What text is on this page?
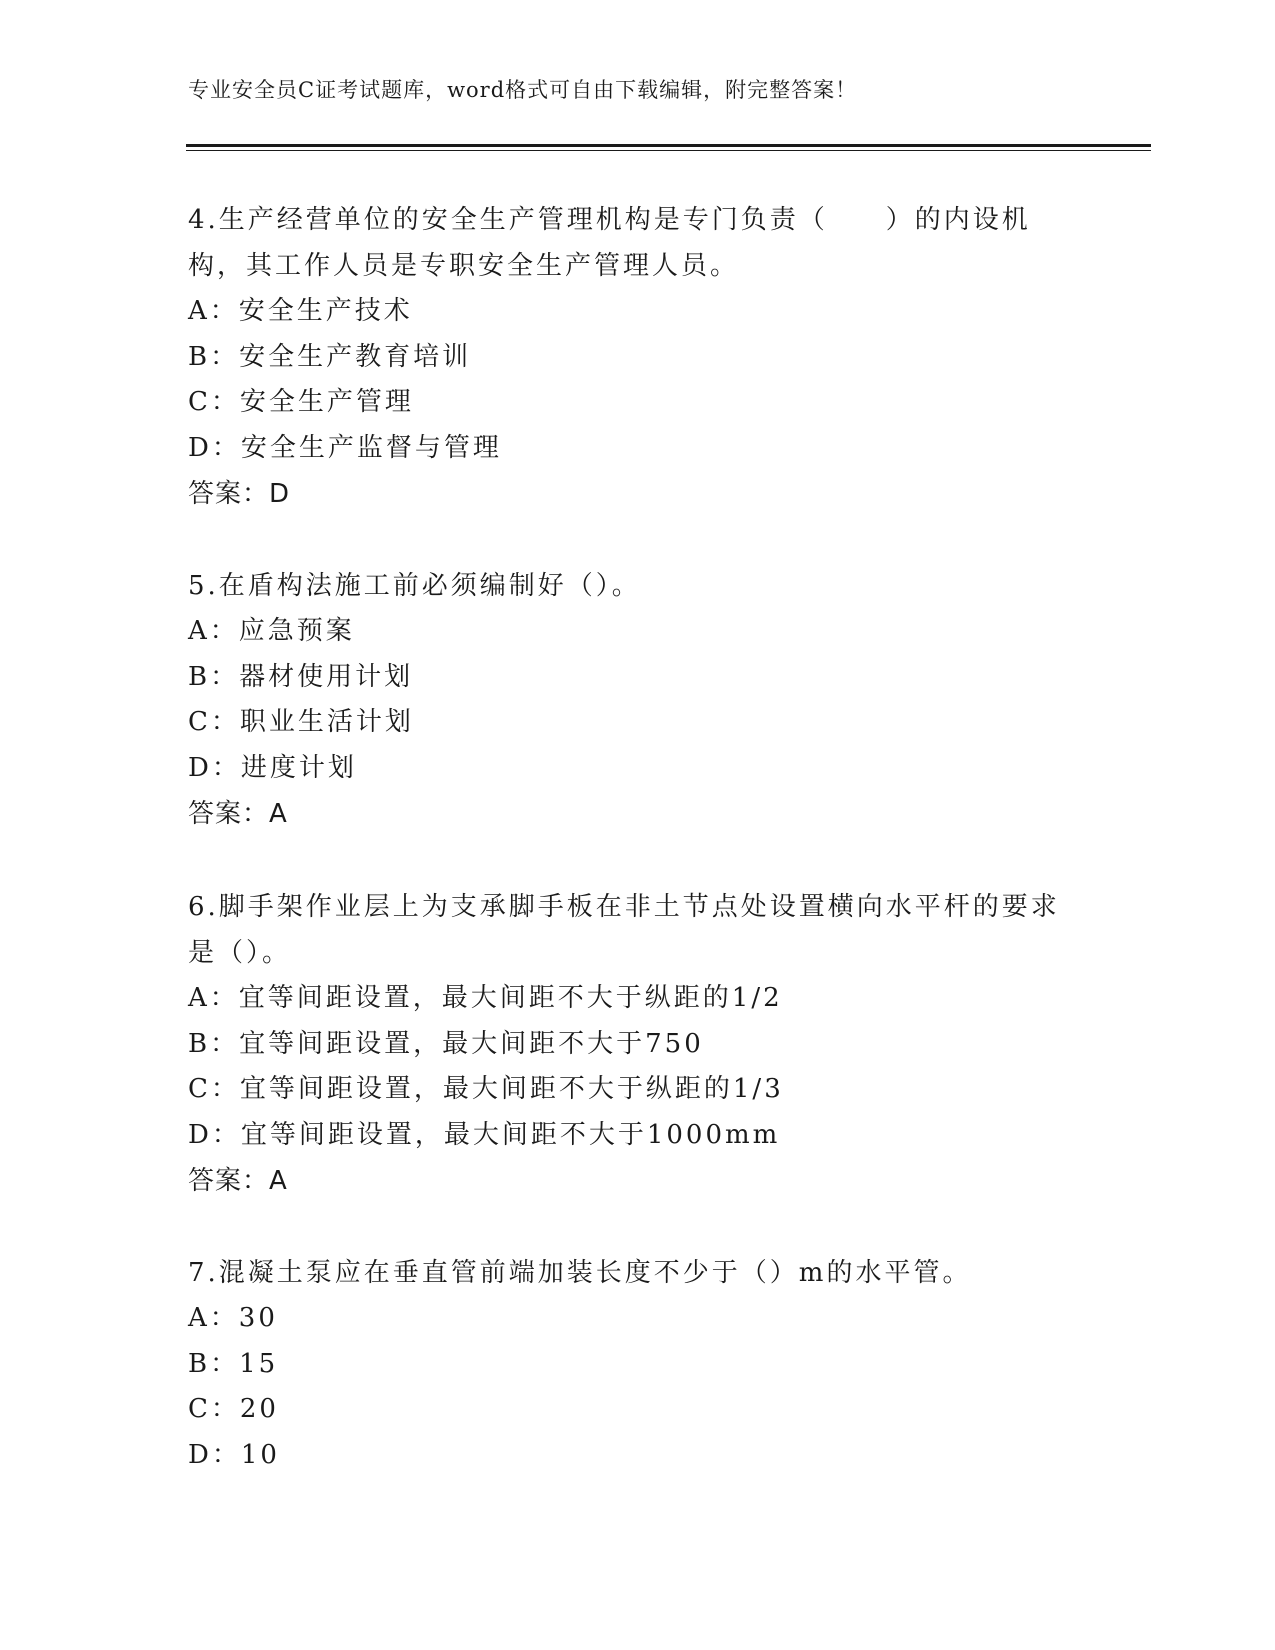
专业安全员C证考试题库，word格式可自由下载编辑，附完整答案！

4.生产经营单位的安全生产管理机构是专门负责（　　）的内设机构，其工作人员是专职安全生产管理人员。

A：安全生产技术
B：安全生产教育培训
C：安全生产管理
D：安全生产监督与管理
答案：D

5.在盾构法施工前必须编制好（）。

A：应急预案
B：器材使用计划
C：职业生活计划
D：进度计划
答案：A

6.脚手架作业层上为支承脚手板在非土节点处设置横向水平杆的要求是（）。

A：宜等间距设置，最大间距不大于纵距的1/2
B：宜等间距设置，最大间距不大于750
C：宜等间距设置，最大间距不大于纵距的1/3
D：宜等间距设置，最大间距不大于1000mm
答案：A

7.混凝土泵应在垂直管前端加装长度不少于（）m的水平管。

A：30
B：15
C：20
D：10
